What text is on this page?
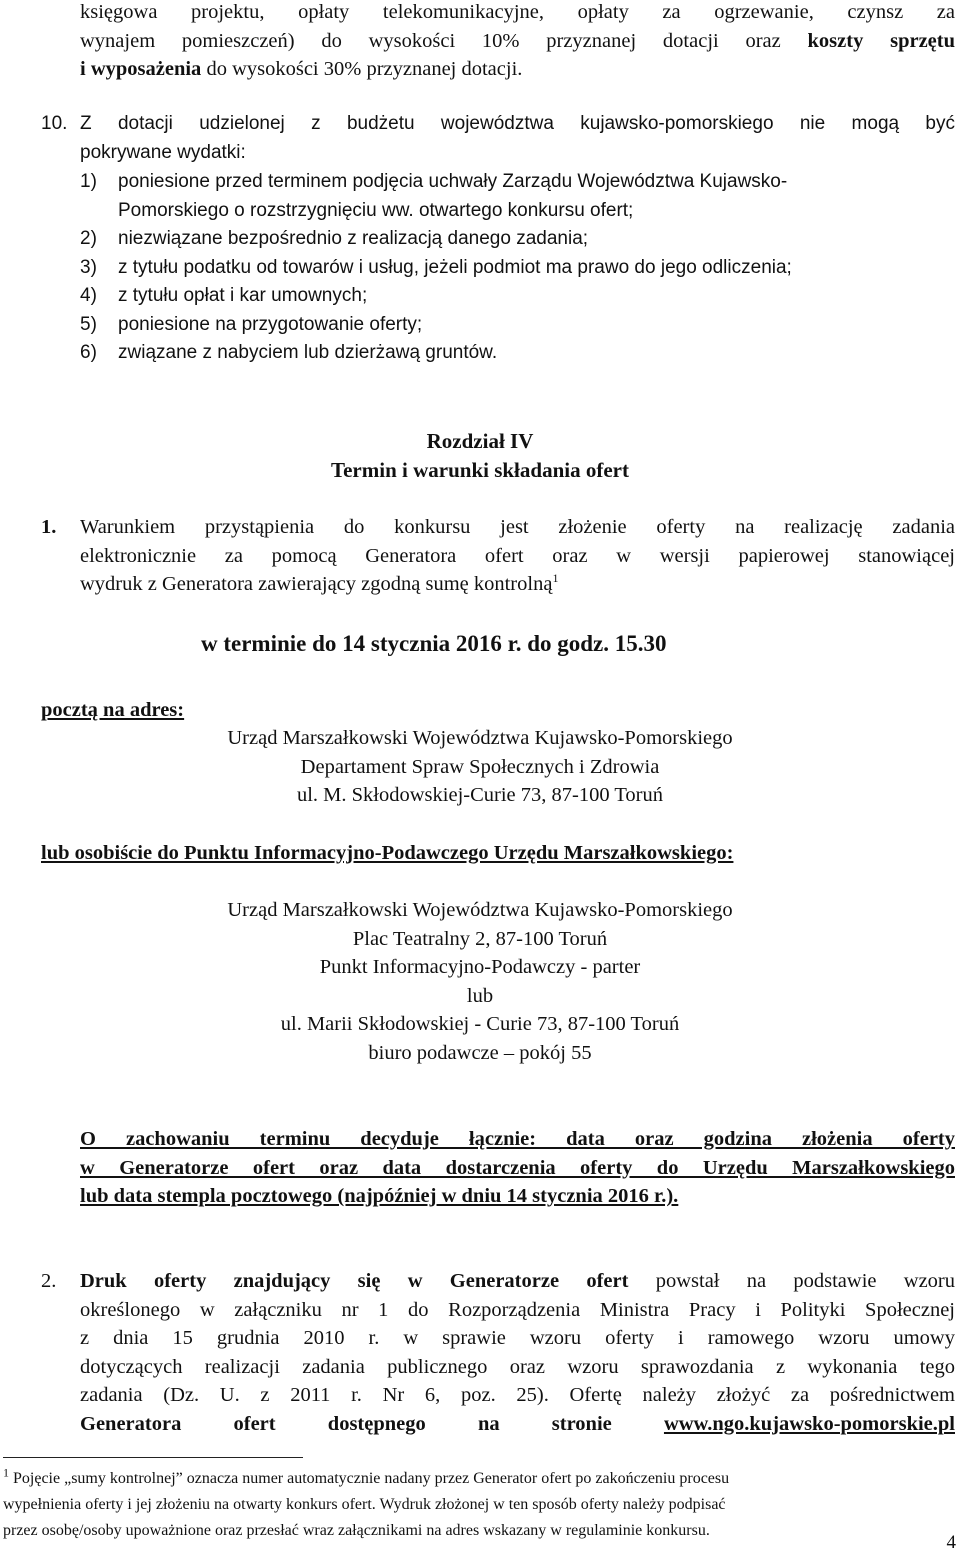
księgowa projektu, opłaty telekomunikacyjne, opłaty za ogrzewanie, czynsz za
wynajem pomieszczeń) do wysokości 10% przyznanej dotacji oraz koszty sprzętu
i wyposażenia do wysokości 30% przyznanej dotacji.
10. Z dotacji udzielonej z budżetu województwa kujawsko-pomorskiego nie mogą być
pokrywane wydatki:
1) poniesione przed terminem podjęcia uchwały Zarządu Województwa Kujawsko-
Pomorskiego o rozstrzygnięciu ww. otwartego konkursu ofert;
2) niezwiązane bezpośrednio z realizacją danego zadania;
3) z tytułu podatku od towarów i usług, jeżeli podmiot ma prawo do jego odliczenia;
4) z tytułu opłat i kar umownych;
5) poniesione na przygotowanie oferty;
6) związane z nabyciem lub dzierżawą gruntów.
Rozdział IV
Termin i warunki składania ofert
1. Warunkiem przystąpienia do konkursu jest złożenie oferty na realizację zadania
elektronicznie za pomocą Generatora ofert oraz w wersji papierowej stanowiącej
wydruk z Generatora zawierający zgodną sumę kontrolną$^1$
w terminie do 14 stycznia 2016 r. do godz. 15.30
pocztą na adres:
Urząd Marszałkowski Województwa Kujawsko-Pomorskiego
Departament Spraw Społecznych i Zdrowia
ul. M. Skłodowskiej-Curie 73, 87-100 Toruń
lub osobiście do Punktu Informacyjno-Podawczego Urzędu Marszałkowskiego:
Urząd Marszałkowski Województwa Kujawsko-Pomorskiego
Plac Teatralny 2, 87-100 Toruń
Punkt Informacyjno-Podawczy - parter
lub
ul. Marii Skłodowskiej - Curie 73, 87-100 Toruń
biuro podawcze – pokój 55
O zachowaniu terminu decyduje łącznie: data oraz godzina złożenia oferty
w Generatorze ofert oraz data dostarczenia oferty do Urzędu Marszałkowskiego
lub data stempla pocztowego (najpóźniej w dniu 14 stycznia 2016 r.).
2. Druk oferty znajdujący się w Generatorze ofert powstał na podstawie wzoru
określonego w załączniku nr 1 do Rozporządzenia Ministra Pracy i Polityki Społecznej
z dnia 15 grudnia 2010 r. w sprawie wzoru oferty i ramowego wzoru umowy
dotyczących realizacji zadania publicznego oraz wzoru sprawozdania z wykonania tego
zadania (Dz. U. z 2011 r. Nr 6, poz. 25). Ofertę należy złożyć za pośrednictwem
Generatora ofert dostępnego na stronie	www.ngo.kujawsko-pomorskie.pl
$^1$ Pojęcie „sumy kontrolnej” oznacza numer automatycznie nadany przez Generator ofert po zakończeniu procesu
wypełnienia oferty i jej złożeniu na otwarty konkurs ofert. Wydruk złożonej w ten sposób oferty należy podpisać
przez osobę/osoby upoważnione oraz przesłać wraz załącznikami na adres wskazany w regulaminie konkursu.
4
